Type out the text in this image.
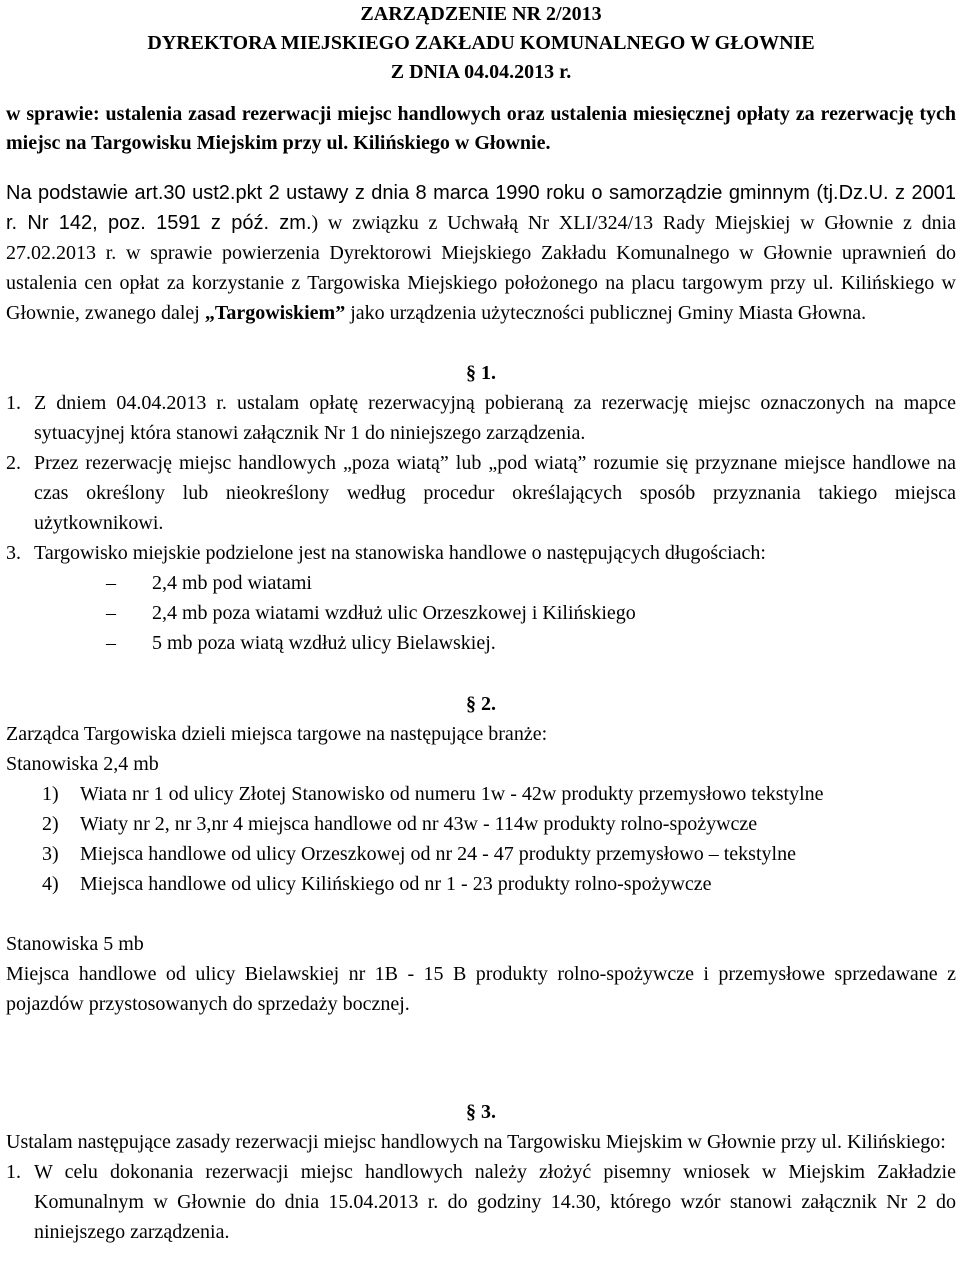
ZARZĄDZENIE NR 2/2013

DYREKTORA MIEJSKIEGO ZAKŁADU KOMUNALNEGO W GŁOWNIE

Z DNIA 04.04.2013 r.

w sprawie: ustalenia zasad rezerwacji miejsc handlowych oraz ustalenia miesięcznej opłaty za rezerwację tych miejsc na Targowisku Miejskim przy ul. Kilińskiego w Głownie.

Na podstawie art.30 ust2.pkt 2 ustawy z dnia 8 marca 1990 roku o samorządzie gminnym (tj.Dz.U. z 2001 r. Nr 142, poz. 1591 z póź. zm.) w związku z Uchwałą Nr XLI/324/13 Rady Miejskiej w Głownie z dnia 27.02.2013 r. w sprawie powierzenia Dyrektorowi Miejskiego Zakładu Komunalnego w Głownie uprawnień do ustalenia cen opłat za korzystanie z Targowiska Miejskiego położonego na placu targowym przy ul. Kilińskiego w Głownie, zwanego dalej „Targowiskiem” jako urządzenia użyteczności publicznej Gminy Miasta Głowna.

§ 1.

1. Z dniem 04.04.2013 r. ustalam opłatę rezerwacyjną pobieraną za rezerwację miejsc oznaczonych na mapce sytuacyjnej która stanowi załącznik Nr 1 do niniejszego zarządzenia.
2. Przez rezerwację miejsc handlowych „poza wiatą” lub „pod wiatą” rozumie się przyznane miejsce handlowe na czas określony lub nieokreślony według procedur określających sposób przyznania takiego miejsca użytkownikowi.
3. Targowisko miejskie podzielone jest na stanowiska handlowe o następujących długościach:
–	2,4 mb pod wiatami
–	2,4 mb poza wiatami wzdłuż ulic Orzeszkowej i Kilińskiego
–	5 mb poza wiatą wzdłuż ulicy Bielawskiej.

§ 2.

Zarządca Targowiska dzieli miejsca targowe na następujące branże:

Stanowiska 2,4 mb

1)	Wiata nr 1 od ulicy Złotej Stanowisko od numeru 1w - 42w produkty przemysłowo tekstylne
2)	Wiaty nr 2, nr 3,nr 4 miejsca handlowe od nr 43w - 114w produkty rolno-spożywcze
3)	Miejsca handlowe od ulicy Orzeszkowej od nr 24 - 47 produkty przemysłowo – tekstylne
4)	Miejsca handlowe od ulicy Kilińskiego od nr 1 - 23 produkty rolno-spożywcze

Stanowiska 5 mb

Miejsca handlowe od ulicy Bielawskiej nr 1B - 15 B produkty rolno-spożywcze i przemysłowe sprzedawane z pojazdów przystosowanych do sprzedaży bocznej.

§ 3.

Ustalam następujące zasady rezerwacji miejsc handlowych na Targowisku Miejskim w Głownie przy ul. Kilińskiego:

1. W celu dokonania rezerwacji miejsc handlowych należy złożyć pisemny wniosek w Miejskim Zakładzie Komunalnym w Głownie do dnia 15.04.2013 r. do godziny 14.30, którego wzór stanowi załącznik Nr 2 do niniejszego zarządzenia.
